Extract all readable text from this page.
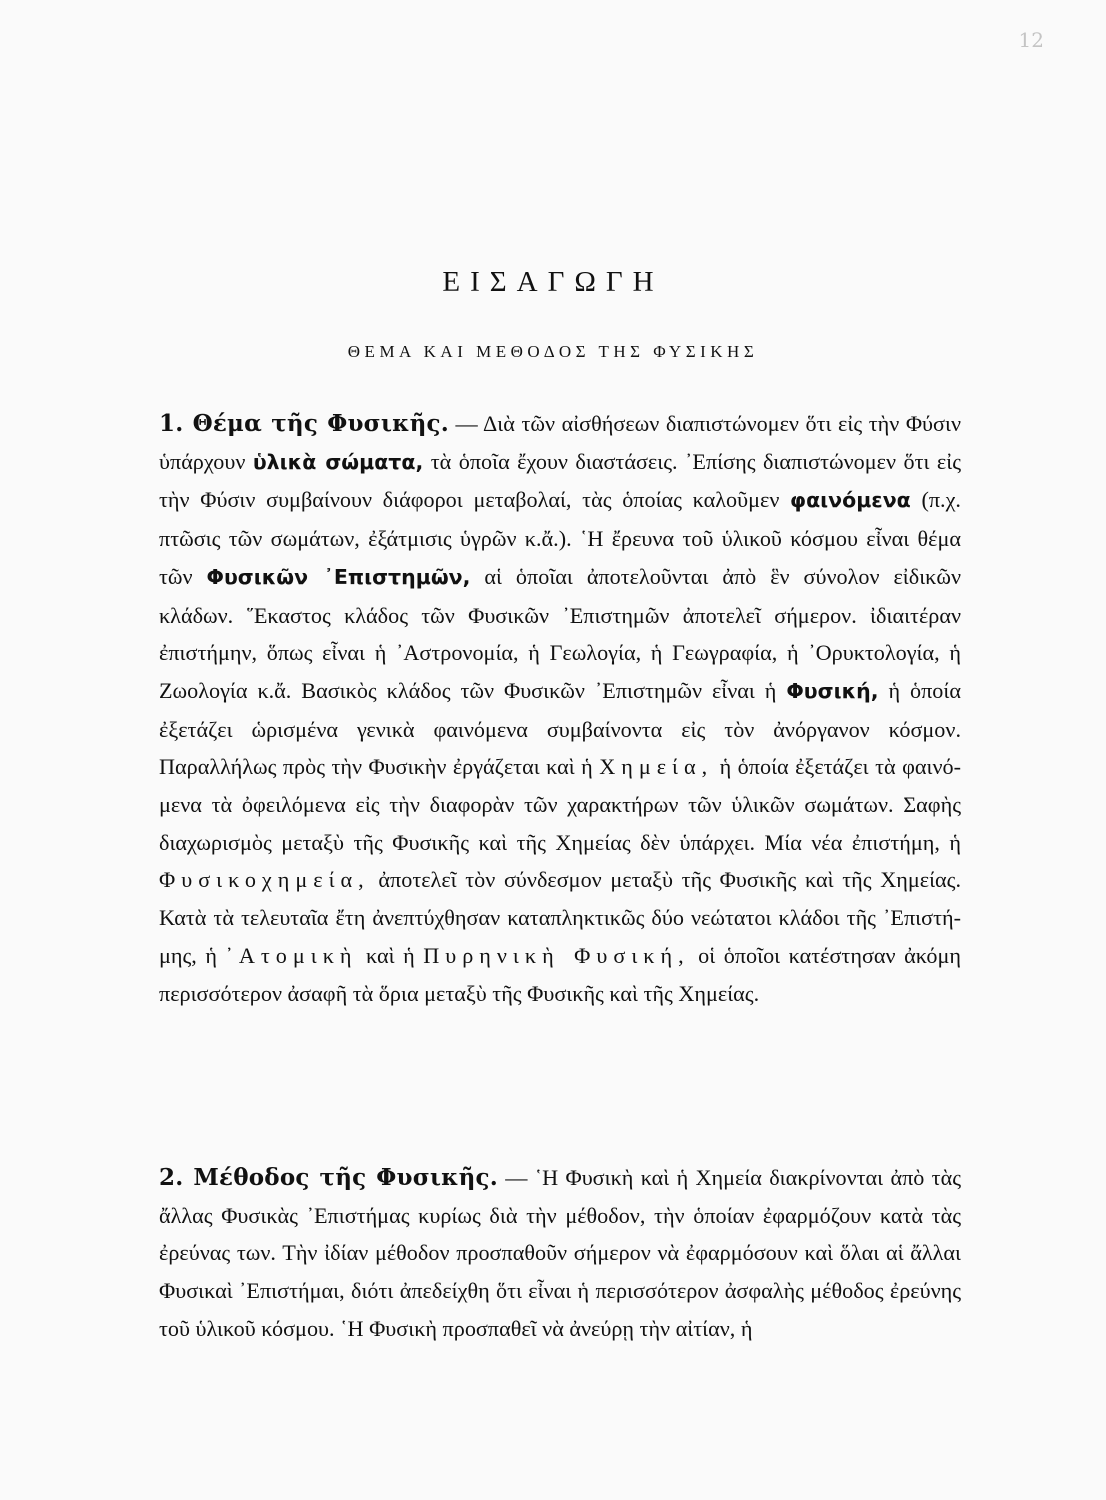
12
ΕΙΣΑΓΩΓΗ
ΘΕΜΑ ΚΑΙ ΜΕΘΟΔΟΣ ΤΗΣ ΦΥΣΙΚΗΣ
1. Θέμα τῆς Φυσικῆς. — Διὰ τῶν αἰσθήσεων διαπιστώνομεν ὅτι εἰς τὴν Φύσιν ὑπάρχουν ὑλικὰ σώματα, τὰ ὁποῖα ἔχουν διαστάσεις. ᾿Επίσης διαπιστώνομεν ὅτι εἰς τὴν Φύσιν συμβαίνουν διάφοροι μεταβολαί, τὰς ὁποίας καλοῦμεν φαινόμενα (π.χ. πτῶσις τῶν σωμάτων, ἐξάτμισις ὑγρῶν κ.ἄ.). ῾Η ἔρευνα τοῦ ὑλικοῦ κόσμου εἶναι θέμα τῶν Φυσικῶν ᾿Επιστημῶν, αἱ ὁποῖαι ἀποτελοῦνται ἀπὸ ἓν σύνολον εἰδικῶν κλάδων. ῞Εκαστος κλάδος τῶν Φυσικῶν ᾿Επιστημῶν ἀποτελεῖ σήμερον. ἰδιαιτέραν ἐπιστήμην, ὅπως εἶναι ἡ ᾿Αστρονομία, ἡ Γεωλογία, ἡ Γεωγραφία, ἡ ᾿Ορυκτολογία, ἡ Ζωολογία κ.ἄ. Βασικὸς κλάδος τῶν Φυσικῶν ᾿Επιστημῶν εἶναι ἡ Φυσική, ἡ ὁποία ἐξετάζει ὡρισμένα γενικὰ φαινόμενα συμβαίνοντα εἰς τὸν ἀνόργανον κόσμον. Παραλλήλως πρὸς τὴν Φυσικὴν ἐργάζεται καὶ ἡ Χημεία, ἡ ὁποία ἐξετάζει τὰ φαινόμενα τὰ ὀφειλόμενα εἰς τὴν διαφορὰν τῶν χαρακτήρων τῶν ὑλικῶν σωμάτων. Σαφὴς διαχωρισμὸς μεταξὺ τῆς Φυσικῆς καὶ τῆς Χημείας δὲν ὑπάρχει. Μία νέα ἐπιστήμη, ἡ Φυσικοχημεία, ἀποτελεῖ τὸν σύνδεσμον μεταξὺ τῆς Φυσικῆς καὶ τῆς Χημείας. Κατὰ τὰ τελευταῖα ἔτη ἀνεπτύχθησαν καταπληκτικῶς δύο νεώτατοι κλάδοι τῆς ᾿Επιστήμης, ἡ ᾿Ατομικὴ καὶ ἡ Πυρηνικὴ Φυσική, οἱ ὁποῖοι κατέστησαν ἀκόμη περισσότερον ἀσαφῆ τὰ ὅρια μεταξὺ τῆς Φυσικῆς καὶ τῆς Χημείας.
2. Μέθοδος τῆς Φυσικῆς. — ῾Η Φυσικὴ καὶ ἡ Χημεία διακρίνονται ἀπὸ τὰς ἄλλας Φυσικὰς ᾿Επιστήμας κυρίως διὰ τὴν μέθοδον, τὴν ὁποίαν ἐφαρμόζουν κατὰ τὰς ἐρεύνας των. Τὴν ἰδίαν μέθοδον προσπαθοῦν σήμερον νὰ ἐφαρμόσουν καὶ ὅλαι αἱ ἄλλαι Φυσικαὶ ᾿Επιστήμαι, διότι ἀπεδείχθη ὅτι εἶναι ἡ περισσότερον ἀσφαλὴς μέθοδος ἐρεύνης τοῦ ὑλικοῦ κόσμου. ῾Η Φυσικὴ προσπαθεῖ νὰ ἀνεύρῃ τὴν αἰτίαν, ἡ
